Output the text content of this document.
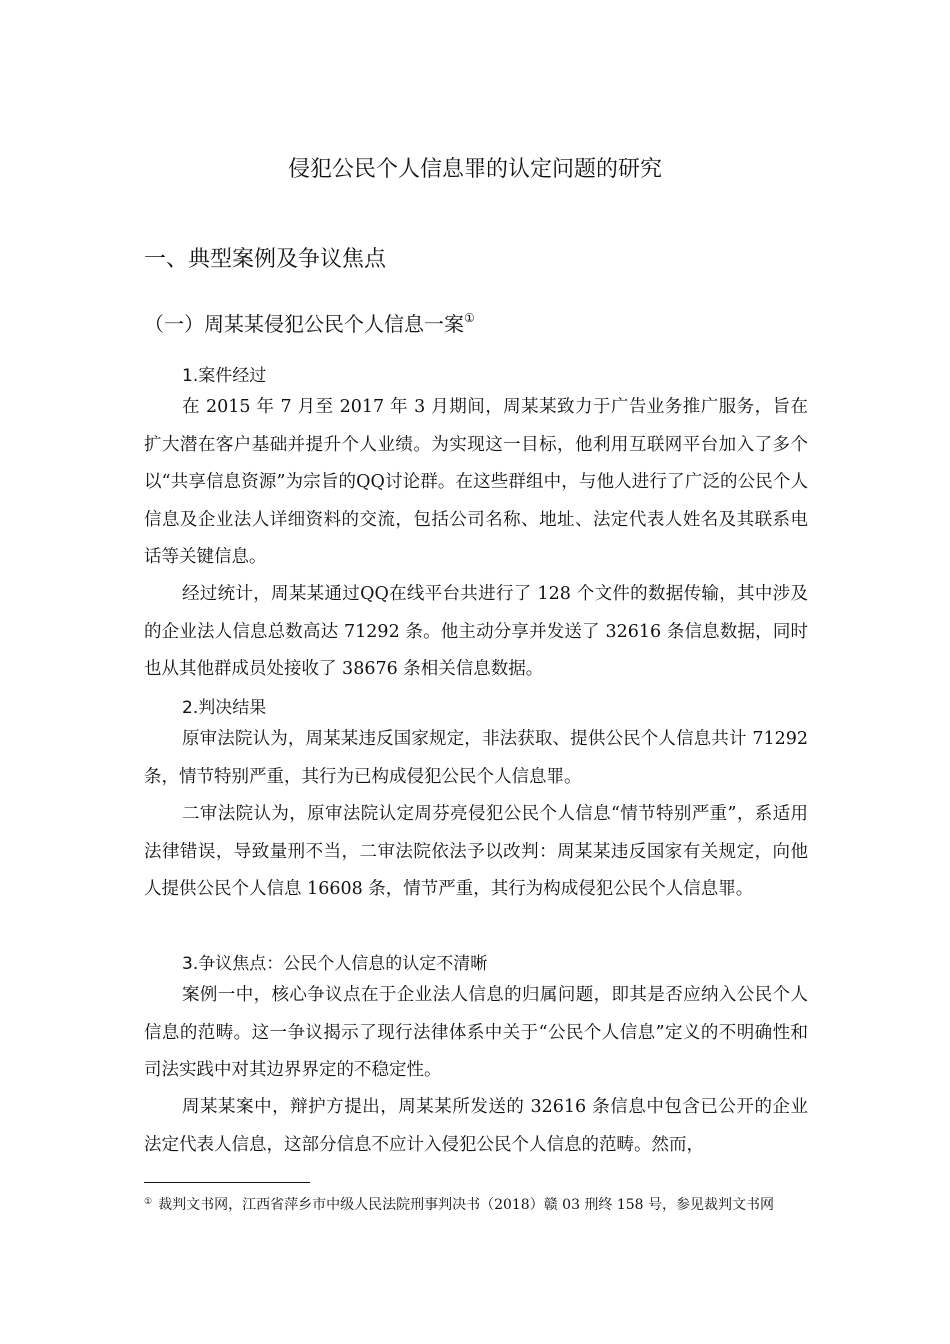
侵犯公民个人信息罪的认定问题的研究
一、典型案例及争议焦点
（一）周某某侵犯公民个人信息一案①
1.案件经过

在 2015 年 7 月至 2017 年 3 月期间，周某某致力于广告业务推广服务，旨在扩大潜在客户基础并提升个人业绩。为实现这一目标，他利用互联网平台加入了多个以“共享信息资源”为宗旨的QQ讨论群。在这些群组中，与他人进行了广泛的公民个人信息及企业法人详细资料的交流，包括公司名称、地址、法定代表人姓名及其联系电话等关键信息。

经过统计，周某某通过QQ在线平台共进行了 128 个文件的数据传输，其中涉及的企业法人信息总数高达 71292 条。他主动分享并发送了 32616 条信息数据，同时也从其他群成员处接收了 38676 条相关信息数据。

2.判决结果

原审法院认为，周某某违反国家规定，非法获取、提供公民个人信息共计 71292 条，情节特别严重，其行为已构成侵犯公民个人信息罪。

二审法院认为，原审法院认定周芬亮侵犯公民个人信息“情节特别严重”，系适用法律错误，导致量刑不当，二审法院依法予以改判：周某某违反国家有关规定，向他人提供公民个人信息 16608 条，情节严重，其行为构成侵犯公民个人信息罪。

3.争议焦点：公民个人信息的认定不清晰

案例一中，核心争议点在于企业法人信息的归属问题，即其是否应纳入公民个人信息的范畴。这一争议揭示了现行法律体系中关于“公民个人信息”定义的不明确性和司法实践中对其边界界定的不稳定性。

周某某案中，辩护方提出，周某某所发送的 32616 条信息中包含已公开的企业法定代表人信息，这部分信息不应计入侵犯公民个人信息的范畴。然而，

① 裁判文书网，江西省萍乡市中级人民法院刑事判决书（2018）赣 03 刑终 158 号，参见裁判文书网
